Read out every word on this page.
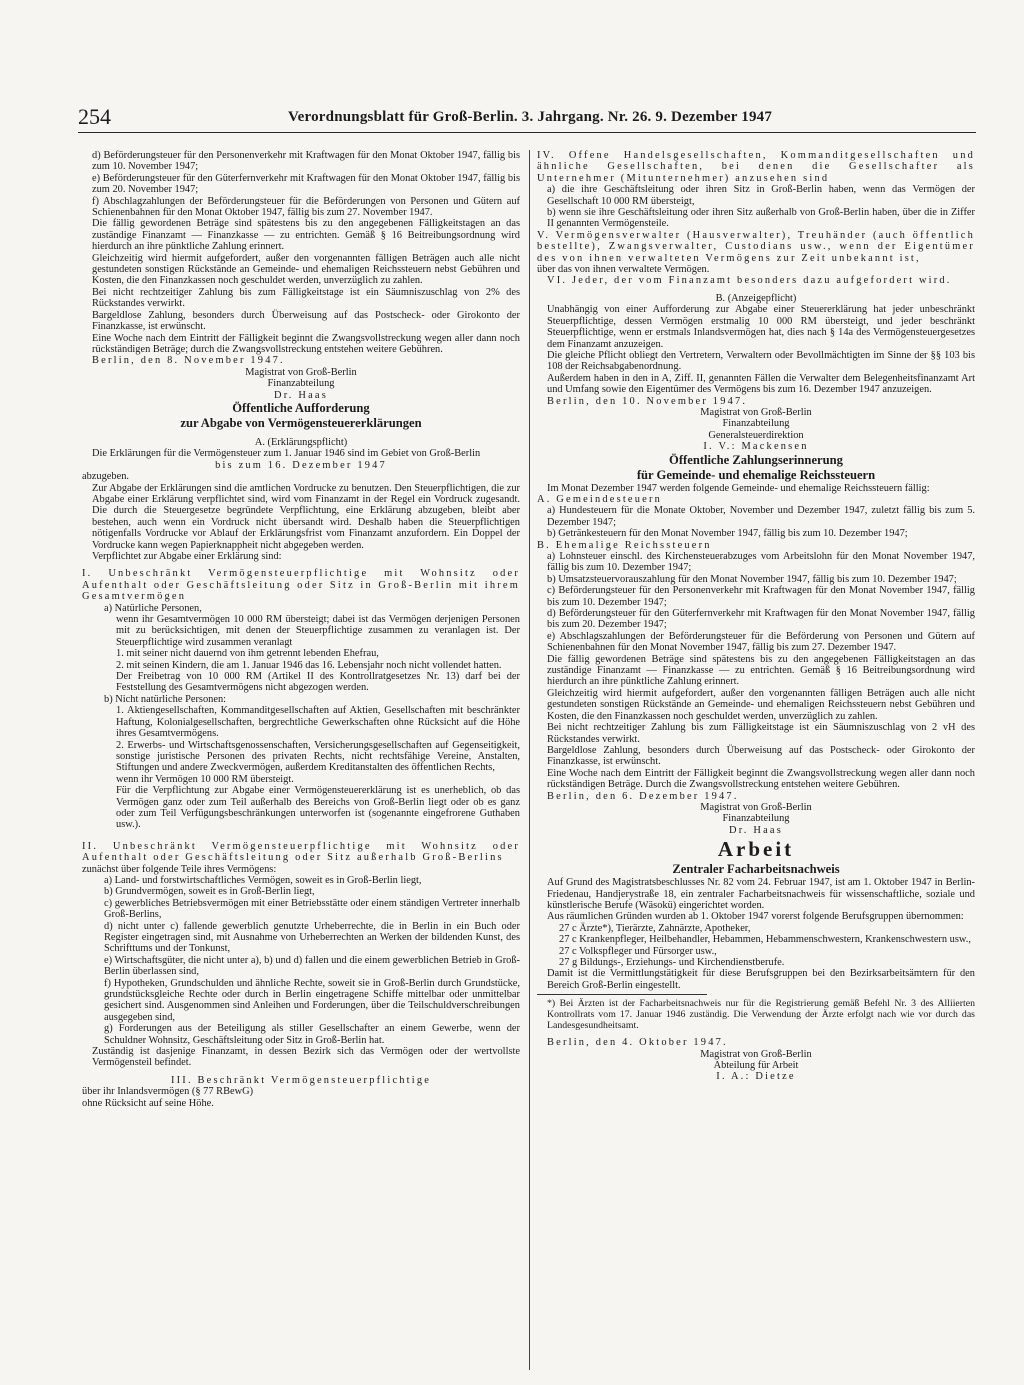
254	Verordnungsblatt für Groß-Berlin. 3. Jahrgang. Nr. 26. 9. Dezember 1947

d) Beförderungsteuer für den Personenverkehr mit Kraftwagen für den Monat Oktober 1947, fällig bis zum 10. November 1947;

e) Beförderungsteuer für den Güterfernverkehr mit Kraftwagen für den Monat Oktober 1947, fällig bis zum 20. November 1947;

f) Abschlagzahlungen der Beförderungsteuer für die Beförderungen von Personen und Gütern auf Schienenbahnen für den Monat Oktober 1947, fällig bis zum 27. November 1947.

Die fällig gewordenen Beträge sind spätestens bis zu den angegebenen Fälligkeitstagen an das zuständige Finanzamt — Finanzkasse — zu entrichten. Gemäß § 16 Beitreibungsordnung wird hierdurch an ihre pünktliche Zahlung erinnert.

Gleichzeitig wird hiermit aufgefordert, außer den vorgenannten fälligen Beträgen auch alle nicht gestundeten sonstigen Rückstände an Gemeinde- und ehemaligen Reichssteuern nebst Gebühren und Kosten, die den Finanzkassen noch geschuldet werden, unverzüglich zu zahlen.

Bei nicht rechtzeitiger Zahlung bis zum Fälligkeitstage ist ein Säumniszuschlag von 2% des Rückstandes verwirkt.

Bargeldlose Zahlung, besonders durch Überweisung auf das Postscheck- oder Girokonto der Finanzkasse, ist erwünscht.

Eine Woche nach dem Eintritt der Fälligkeit beginnt die Zwangsvollstreckung wegen aller dann noch rückständigen Beträge; durch die Zwangsvollstreckung entstehen weitere Gebühren.

Berlin, den 8. November 1947.

Magistrat von Groß-Berlin

Finanzabteilung

Dr. Haas

Öffentliche Aufforderung

zur Abgabe von Vermögensteuererklärungen

A. (Erklärungspflicht)

Die Erklärungen für die Vermögensteuer zum 1. Januar 1946 sind im Gebiet von Groß-Berlin

bis zum 16. Dezember 1947

abzugeben.

Zur Abgabe der Erklärungen sind die amtlichen Vordrucke zu benutzen. Den Steuerpflichtigen, die zur Abgabe einer Erklärung verpflichtet sind, wird vom Finanzamt in der Regel ein Vordruck zugesandt. Die durch die Steuergesetze begründete Verpflichtung, eine Erklärung abzugeben, bleibt aber bestehen, auch wenn ein Vordruck nicht übersandt wird. Deshalb haben die Steuerpflichtigen nötigenfalls Vordrucke vor Ablauf der Erklärungsfrist vom Finanzamt anzufordern. Ein Doppel der Vordrucke kann wegen Papierknappheit nicht abgegeben werden.

Verpflichtet zur Abgabe einer Erklärung sind:

I. Unbeschränkt Vermögensteuerpflichtige mit Wohnsitz oder Aufenthalt oder Geschäftsleitung oder Sitz in Groß-Berlin mit ihrem Gesamtvermögen

a) Natürliche Personen,

wenn ihr Gesamtvermögen 10 000 RM übersteigt; dabei ist das Vermögen derjenigen Personen mit zu berücksichtigen, mit denen der Steuerpflichtige zusammen zu veranlagen ist. Der Steuerpflichtige wird zusammen veranlagt

1. mit seiner nicht dauernd von ihm getrennt lebenden Ehefrau,

2. mit seinen Kindern, die am 1. Januar 1946 das 16. Lebensjahr noch nicht vollendet hatten.

Der Freibetrag von 10 000 RM (Artikel II des Kontrollratgesetzes Nr. 13) darf bei der Feststellung des Gesamtvermögens nicht abgezogen werden.

b) Nicht natürliche Personen:

1. Aktiengesellschaften, Kommanditgesellschaften auf Aktien, Gesellschaften mit beschränkter Haftung, Kolonialgesellschaften, bergrechtliche Gewerkschaften ohne Rücksicht auf die Höhe ihres Gesamtvermögens.

2. Erwerbs- und Wirtschaftsgenossenschaften, Versicherungsgesellschaften auf Gegenseitigkeit, sonstige juristische Personen des privaten Rechts, nicht rechtsfähige Vereine, Anstalten, Stiftungen und andere Zweckvermögen, außerdem Kreditanstalten des öffentlichen Rechts,

wenn ihr Vermögen 10 000 RM übersteigt.

Für die Verpflichtung zur Abgabe einer Vermögensteuererklärung ist es unerheblich, ob das Vermögen ganz oder zum Teil außerhalb des Bereichs von Groß-Berlin liegt oder ob es ganz oder zum Teil Verfügungsbeschränkungen unterworfen ist (sogenannte eingefrorene Guthaben usw.).

II. Unbeschränkt Vermögensteuerpflichtige mit Wohnsitz oder Aufenthalt oder Geschäftsleitung oder Sitz außerhalb Groß-Berlins

zunächst über folgende Teile ihres Vermögens:

a) Land- und forstwirtschaftliches Vermögen, soweit es in Groß-Berlin liegt,

b) Grundvermögen, soweit es in Groß-Berlin liegt,

c) gewerbliches Betriebsvermögen mit einer Betriebsstätte oder einem ständigen Vertreter innerhalb Groß-Berlins,

d) nicht unter c) fallende gewerblich genutzte Urheberrechte, die in Berlin in ein Buch oder Register eingetragen sind, mit Ausnahme von Urheberrechten an Werken der bildenden Kunst, des Schrifttums und der Tonkunst,

e) Wirtschaftsgüter, die nicht unter a), b) und d) fallen und die einem gewerblichen Betrieb in Groß-Berlin überlassen sind,

f) Hypotheken, Grundschulden und ähnliche Rechte, soweit sie in Groß-Berlin durch Grundstücke, grundstücksgleiche Rechte oder durch in Berlin eingetragene Schiffe mittelbar oder unmittelbar gesichert sind. Ausgenommen sind Anleihen und Forderungen, über die Teilschuldverschreibungen ausgegeben sind,

g) Forderungen aus der Beteiligung als stiller Gesellschafter an einem Gewerbe, wenn der Schuldner Wohnsitz, Geschäftsleitung oder Sitz in Groß-Berlin hat.

Zuständig ist dasjenige Finanzamt, in dessen Bezirk sich das Vermögen oder der wertvollste Vermögensteil befindet.

III. Beschränkt Vermögensteuerpflichtige

über ihr Inlandsvermögen (§ 77 RBewG)

ohne Rücksicht auf seine Höhe.

IV. Offene Handelsgesellschaften, Kommanditgesellschaften und ähnliche Gesellschaften, bei denen die Gesellschafter als Unternehmer (Mitunternehmer) anzusehen sind

a) die ihre Geschäftsleitung oder ihren Sitz in Groß-Berlin haben, wenn das Vermögen der Gesellschaft 10 000 RM übersteigt,

b) wenn sie ihre Geschäftsleitung oder ihren Sitz außerhalb von Groß-Berlin haben, über die in Ziffer II genannten Vermögensteile.

V. Vermögensverwalter (Hausverwalter), Treuhänder (auch öffentlich bestellte), Zwangsverwalter, Custodians usw., wenn der Eigentümer des von ihnen verwalteten Vermögens zur Zeit unbekannt ist,

über das von ihnen verwaltete Vermögen.

VI. Jeder, der vom Finanzamt besonders dazu aufgefordert wird.

B. (Anzeigepflicht)

Unabhängig von einer Aufforderung zur Abgabe einer Steuererklärung hat jeder unbeschränkt Steuerpflichtige, dessen Vermögen erstmalig 10 000 RM übersteigt, und jeder beschränkt Steuerpflichtige, wenn er erstmals Inlandsvermögen hat, dies nach § 14a des Vermögensteuergesetzes dem Finanzamt anzuzeigen.

Die gleiche Pflicht obliegt den Vertretern, Verwaltern oder Bevollmächtigten im Sinne der §§ 103 bis 108 der Reichsabgabenordnung.

Außerdem haben in den in A, Ziff. II, genannten Fällen die Verwalter dem Belegenheitsfinanzamt Art und Umfang sowie den Eigentümer des Vermögens bis zum 16. Dezember 1947 anzuzeigen.

Berlin, den 10. November 1947.

Magistrat von Groß-Berlin

Finanzabteilung

Generalsteuerdirektion

I. V.: Mackensen

Öffentliche Zahlungserinnerung

für Gemeinde- und ehemalige Reichssteuern

Im Monat Dezember 1947 werden folgende Gemeinde- und ehemalige Reichssteuern fällig:

A. Gemeindesteuern

a) Hundesteuern für die Monate Oktober, November und Dezember 1947, zuletzt fällig bis zum 5. Dezember 1947;

b) Getränkesteuern für den Monat November 1947, fällig bis zum 10. Dezember 1947;

B. Ehemalige Reichssteuern

a) Lohnsteuer einschl. des Kirchensteuerabzuges vom Arbeitslohn für den Monat November 1947, fällig bis zum 10. Dezember 1947;

b) Umsatzsteuervorauszahlung für den Monat November 1947, fällig bis zum 10. Dezember 1947;

c) Beförderungsteuer für den Personenverkehr mit Kraftwagen für den Monat November 1947, fällig bis zum 10. Dezember 1947;

d) Beförderungsteuer für den Güterfernverkehr mit Kraftwagen für den Monat November 1947, fällig bis zum 20. Dezember 1947;

e) Abschlagszahlungen der Beförderungsteuer für die Beförderung von Personen und Gütern auf Schienenbahnen für den Monat November 1947, fällig bis zum 27. Dezember 1947.

Die fällig gewordenen Beträge sind spätestens bis zu den angegebenen Fälligkeitstagen an das zuständige Finanzamt — Finanzkasse — zu entrichten. Gemäß § 16 Beitreibungsordnung wird hierdurch an ihre pünktliche Zahlung erinnert.

Gleichzeitig wird hiermit aufgefordert, außer den vorgenannten fälligen Beträgen auch alle nicht gestundeten sonstigen Rückstände an Gemeinde- und ehemaligen Reichssteuern nebst Gebühren und Kosten, die den Finanzkassen noch geschuldet werden, unverzüglich zu zahlen.

Bei nicht rechtzeitiger Zahlung bis zum Fälligkeitstage ist ein Säumniszuschlag von 2 vH des Rückstandes verwirkt.

Bargeldlose Zahlung, besonders durch Überweisung auf das Postscheck- oder Girokonto der Finanzkasse, ist erwünscht.

Eine Woche nach dem Eintritt der Fälligkeit beginnt die Zwangsvollstreckung wegen aller dann noch rückständigen Beträge. Durch die Zwangsvollstreckung entstehen weitere Gebühren.

Berlin, den 6. Dezember 1947.

Magistrat von Groß-Berlin

Finanzabteilung

Dr. Haas

Arbeit

Zentraler Facharbeitsnachweis

Auf Grund des Magistratsbeschlusses Nr. 82 vom 24. Februar 1947, ist am 1. Oktober 1947 in Berlin-Friedenau, Handjerystraße 18, ein zentraler Facharbeitsnachweis für wissenschaftliche, soziale und künstlerische Berufe (Wäsokü) eingerichtet worden.

Aus räumlichen Gründen wurden ab 1. Oktober 1947 vorerst folgende Berufsgruppen übernommen:

27 c Ärzte*), Tierärzte, Zahnärzte, Apotheker,

27 c Krankenpfleger, Heilbehandler, Hebammen, Hebammenschwestern, Krankenschwestern usw.,

27 c Volkspfleger und Fürsorger usw.,

27 g Bildungs-, Erziehungs- und Kirchendienstberufe.

Damit ist die Vermittlungstätigkeit für diese Berufsgruppen bei den Bezirksarbeitsämtern für den Bereich Groß-Berlin eingestellt.

*) Bei Ärzten ist der Facharbeitsnachweis nur für die Registrierung gemäß Befehl Nr. 3 des Alliierten Kontrollrats vom 17. Januar 1946 zuständig. Die Verwendung der Ärzte erfolgt nach wie vor durch das Landesgesundheitsamt.

Berlin, den 4. Oktober 1947.

Magistrat von Groß-Berlin

Abteilung für Arbeit

I. A.: Dietze
